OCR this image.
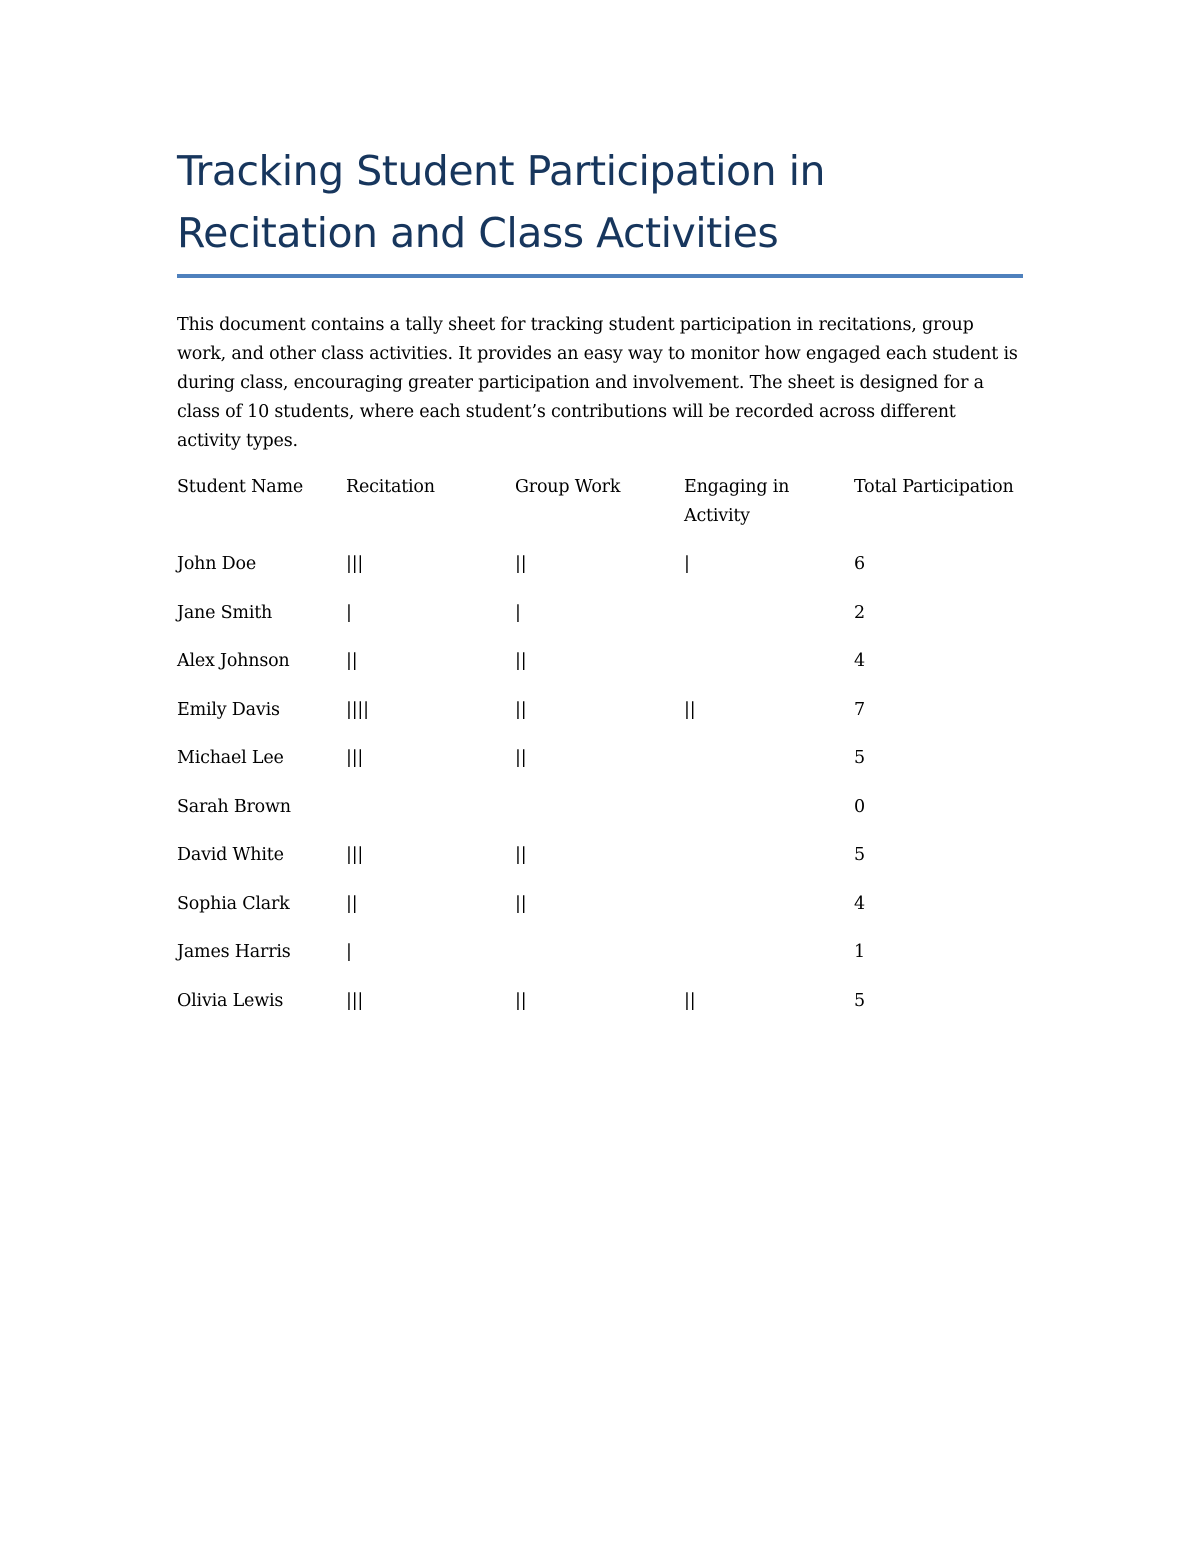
Tracking Student Participation in Recitation and Class Activities

This document contains a tally sheet for tracking student participation in recitations, group work, and other class activities. It provides an easy way to monitor how engaged each student is during class, encouraging greater participation and involvement. The sheet is designed for a class of 10 students, where each student’s contributions will be recorded across different activity types.

Student Name	Recitation	Group Work	Engaging in Activity	Total Participation
John Doe	|||	||	|	6
Jane Smith	|	|		2
Alex Johnson	||	||		4
Emily Davis	||||	||	||	7
Michael Lee	|||	||		5
Sarah Brown				0
David White	|||	||		5
Sophia Clark	||	||		4
James Harris	|			1
Olivia Lewis	|||	||	||	5
